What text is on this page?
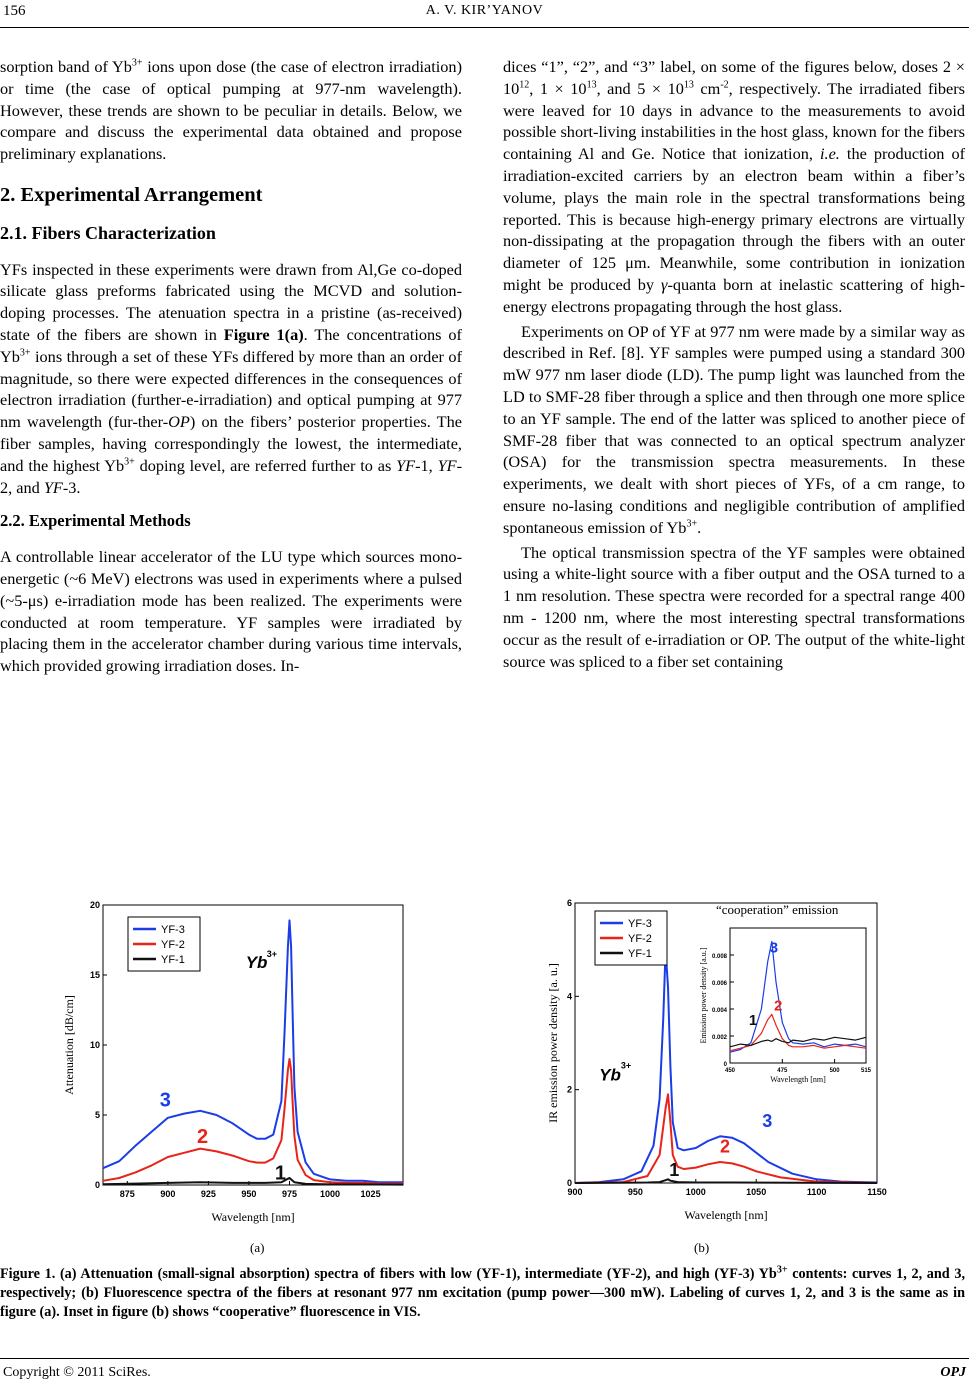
156	A. V. KIR’YANOV

sorption band of $Yb^{3+}$ ions upon dose (the case of electron irradiation) or time (the case of optical pumping at 977-nm wavelength). However, these trends are shown to be peculiar in details. Below, we compare and discuss the experimental data obtained and propose preliminary explanations.

2. Experimental Arrangement
2.1. Fibers Characterization

YFs inspected in these experiments were drawn from Al,Ge co-doped silicate glass preforms fabricated using the MCVD and solution-doping processes. The atenuation spectra in a pristine (as-received) state of the fibers are shown in Figure 1(a). The concentrations of $Yb^{3+}$ ions through a set of these YFs differed by more than an order of magnitude, so there were expected differences in the consequences of electron irradiation (further-e-irradiation) and optical pumping at 977 nm wavelength (fur-ther-OP) on the fibers’ posterior properties. The fiber samples, having correspondingly the lowest, the intermediate, and the highest $Yb^{3+}$ doping level, are referred further to as YF-1, YF-2, and YF-3.

2.2. Experimental Methods

A controllable linear accelerator of the LU type which sources mono-energetic (~6 MeV) electrons was used in experiments where a pulsed (~5-μs) e-irradiation mode has been realized. The experiments were conducted at room temperature. YF samples were irradiated by placing them in the accelerator chamber during various time intervals, which provided growing irradiation doses. In-

dices “1”, “2”, and “3” label, on some of the figures below, doses $2 \times 10^{12}$, $1 \times 10^{13}$, and $5 \times 10^{13}$ $cm^{-2}$, respectively. The irradiated fibers were leaved for 10 days in advance to the measurements to avoid possible short-living instabilities in the host glass, known for the fibers containing Al and Ge. Notice that ionization, i.e. the production of irradiation-excited carriers by an electron beam within a fiber’s volume, plays the main role in the spectral transformations being reported. This is because high-energy primary electrons are virtually non-dissipating at the propagation through the fibers with an outer diameter of 125 μm. Meanwhile, some contribution in ionization might be produced by γ-quanta born at inelastic scattering of high-energy electrons propagating through the host glass.

Experiments on OP of YF at 977 nm were made by a similar way as described in Ref. [8]. YF samples were pumped using a standard 300 mW 977 nm laser diode (LD). The pump light was launched from the LD to SMF-28 fiber through a splice and then through one more splice to an YF sample. The end of the latter was spliced to another piece of SMF-28 fiber that was connected to an optical spectrum analyzer (OSA) for the transmission spectra measurements. In these experiments, we dealt with short pieces of YFs, of a cm range, to ensure no-lasing conditions and negligible contribution of amplified spontaneous emission of $Yb^{3+}$.

The optical transmission spectra of the YF samples were obtained using a white-light source with a fiber output and the OSA turned to a 1 nm resolution. These spectra were recorded for a spectral range 400 nm - 1200 nm, where the most interesting spectral transformations occur as the result of e-irradiation or OP. The output of the white-light source was spliced to a fiber set containing

875	900	925	950	975	1000 1025
0
5
10
15
20
Wavelength [nm]
Attenuation [dB/cm]
YF-3
YF-2
YF-1	Yb 3+
3
2
1
900	950	1000	1050	1100	1150
0
2
4
6
Wavelength [nm]
IR emission power density [a. u.]
YF-3
YF-2
YF-1
Yb 3+
3
2
1
“cooperation” emission
450	475	500	515
0
0.002
0.004
0.006
0.008
Wavelength [nm]
Emission power density [a.u.]	3
2
1
(a)	(b)
Figure 1. (a) Attenuation (small-signal absorption) spectra of fibers with low (YF-1), intermediate (YF-2), and high (YF-3) $Yb^{3+}$ contents: curves 1, 2, and 3, respectively; (b) Fluorescence spectra of the fibers at resonant 977 nm excitation (pump power—300 mW). Labeling of curves 1, 2, and 3 is the same as in figure (a). Inset in figure (b) shows “cooperative” fluorescence in VIS.
Copyright © 2011 SciRes.	OPJ
